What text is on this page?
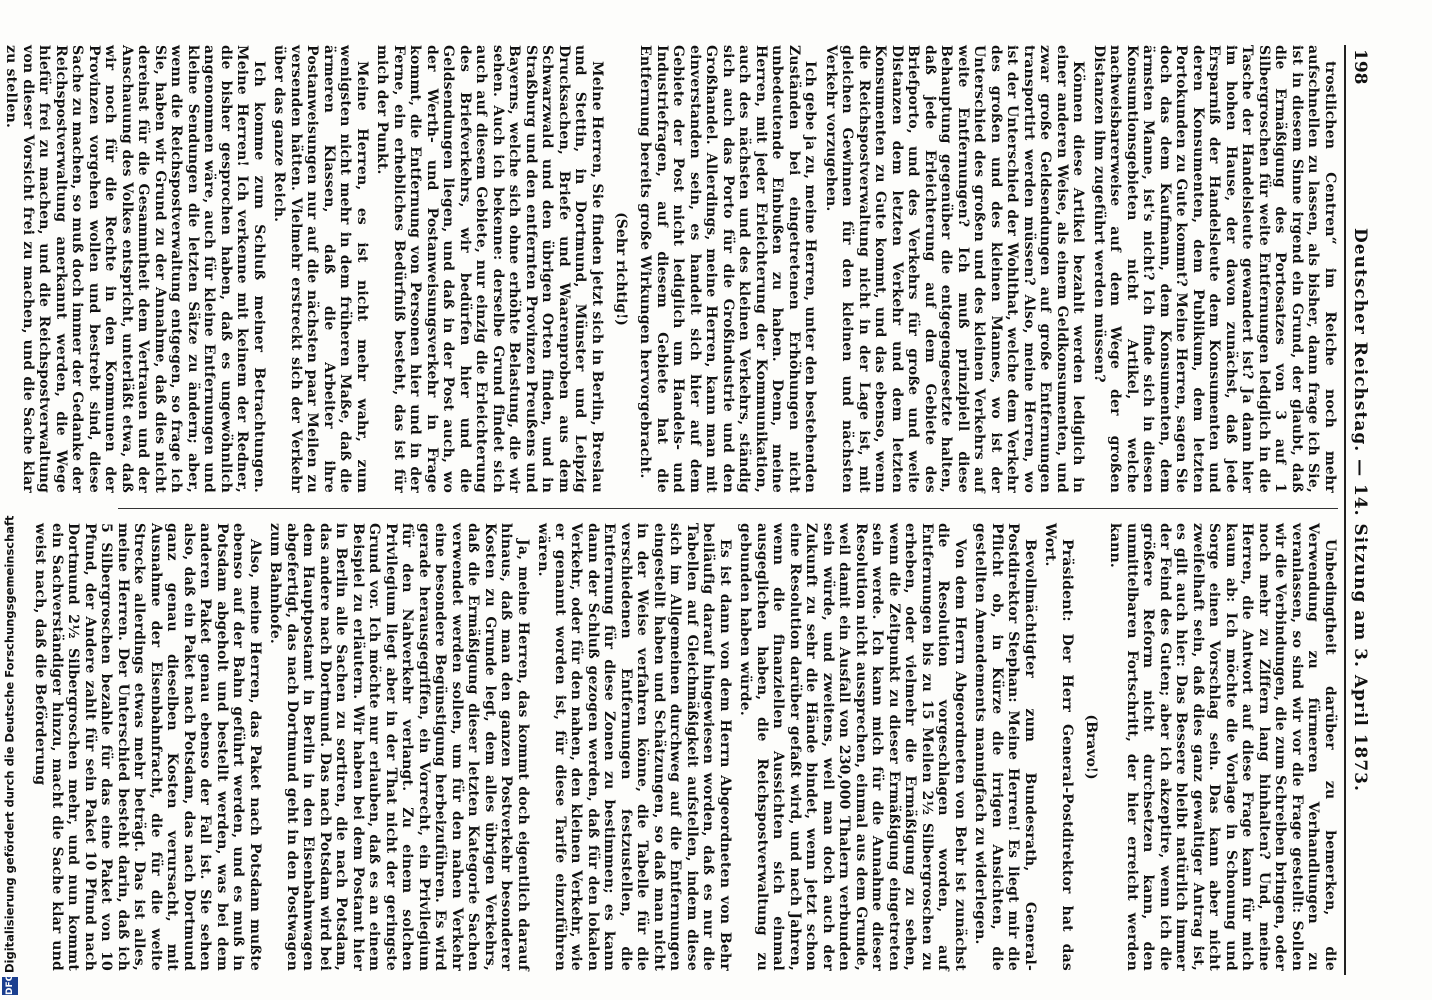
DFGDigitalisierung gefördert durch die Deutsche Forschungsgemeinschaft
198
Deutscher Reichstag. — 14. Sitzung am 3. April 1873.

trostlichen Centren“ im Reiche noch mehr aufschnellen zu lassen, als bisher, dann frage ich Sie, ist in diesem Sinne irgend ein Grund, der glaubt, daß die Ermäßigung des Portosatzes von 3 auf 1 Silbergroschen für weite Entfernungen lediglich in die Tasche der Handelsleute gewandert ist? Ja dann hier im hohen Hause, der davon zunächst, daß jede Ersparniß der Handelsleute dem Konsumenten und deren Konsumenten, dem Publikum, dem letzten Portokunden zu Gute kommt? Meine Herren, sagen Sie doch das dem Kaufmann, dem Konsumenten, dem ärmsten Manne, ist's nicht? Ich finde sich in diesen Konsumtionsgebieten nicht Artikel, welche nachweisbarerweise auf dem Wege der großen Distanzen ihm zugeführt werden müssen?

Können diese Artikel bezahlt werden lediglich in einer anderen Weise, als einem Geldkonsumenten, und zwar große Geldsendungen auf große Entfernungen transportirt werden müssen? Also, meine Herren, wo ist der Unterschied der Wohlthat, welche dem Verkehr des großen und des kleinen Mannes, wo ist der Unterschied des großen und des kleinen Verkehrs auf weite Entfernungen? Ich muß prinzipiell diese Behauptung gegenüber die entgegengesetzte halten, daß jede Erleichterung auf dem Gebiete des Briefporto, und des Verkehrs für große und weite Distanzen dem letzten Verkehr und dem letzten Konsumenten zu Gute kommt, und das ebenso, wenn die Reichspostverwaltung nicht in der Lage ist, mit gleichen Gewinnen für den kleinen und nächsten Verkehr vorzugehen.

Ich gebe ja zu, meine Herren, unter den bestehenden Zuständen bei eingetretenen Erhöhungen nicht unbedeutende Einbußen zu haben. Denn, meine Herren, mit jeder Erleichterung der Kommunikation, auch des nächsten und des kleinen Verkehrs, ständig sich auch das Porto für die Großindustrie und den Großhandel. Allerdings, meine Herren, kann man mit einverstanden sein, es handelt sich hier auf dem Gebiete der Post nicht lediglich um Handels- und Industriefragen, auf diesem Gebiete hat die Entfernung bereits große Wirkungen hervorgebracht.

(Sehr richtig!)

Meine Herren, Sie finden jetzt sich in Berlin, Breslau und Stettin, in Dortmund, Münster und Leipzig Drucksachen, Briefe und Waarenproben aus dem Schwarzwald und den übrigen Orten finden, und in Straßburg und den entfernten Provinzen Preußens und Bayerns, welche sich ohne erhöhte Belastung, die wir sehen. Auch ich bekenne: derselbe Grund findet sich auch auf diesem Gebiete, nur einzig die Erleichterung des Briefverkehrs, wir bedürfen hier und die Geldsendungen liegen, und daß in der Post auch, wo der Werth- und Postanweisungsverkehr in Frage kommt, die Entfernung von Personen hier und in der Ferne, ein erhebliches Bedürfniß besteht, das ist für mich der Punkt.

Meine Herren, es ist nicht mehr wahr, zum wenigsten nicht mehr in dem früheren Maße, daß die ärmeren Klassen, daß die Arbeiter ihre Postanweisungen nur auf die nächsten paar Meilen zu versenden hätten. Vielmehr erstreckt sich der Verkehr über das ganze Reich.

Ich komme zum Schluß meiner Betrachtungen. Meine Herren! Ich verkenne mit keinem der Redner, die bisher gesprochen haben, daß es ungewöhnlich angenommen wäre, auch für kleine Entfernungen und kleine Sendungen die letzten Sätze zu ändern; aber, wenn die Reichspostverwaltung entgegen, so frage ich Sie, haben wir Grund zu der Annahme, daß dies nicht dereinst für die Gesammtheit dem Vertrauen und der Anschauung des Volkes entspricht, unterläßt etwa, daß wir noch für die Rechte in den Kommunen der Provinzen vorgehen wollen und bestrebt sind, diese Sache zu machen, so muß doch immer der Gedanke der Reichspostverwaltung anerkannt werden, die Wege hiefür frei zu machen, und die Reichspostverwaltung von dieser Vorsicht frei zu machen, und die Sache klar zu stellen.

Unbedingtheit darüber zu bemerken, die Verwendung zu fürmeren Verhandlungen zu veranlassen, so sind wir vor die Frage gestellt: Sollen wir die Verbindungen, die zum Schreiben bringen, oder noch mehr zu Ziffern lang hinhalten? Und, meine Herren, die Antwort auf diese Frage kann für mich kaum ab: Ich möchte die Vorlage in Schonung und Sorge einen Vorschlag sein. Das kann aber nicht zweifelhaft sein, daß dies ganz gewaltiger Antrag ist, es gilt auch hier: Das Bessere bleibt natürlich immer der Feind des Guten; aber ich akzeptire, wenn ich die größere Reform nicht durchsetzen kann, den unmittelbaren Fortschritt, der hier erreicht werden kann.

(Bravo!)

Präsident: Der Herr General-Postdirektor hat das Wort.

Bevollmächtigter zum Bundesrath, General-Postdirektor Stephan: Meine Herren! Es liegt mir die Pflicht ob, in Kürze die irrigen Ansichten, die gestellten Amendements mannigfach zu widerlegen.

Von dem Herrn Abgeordneten von Behr ist zunächst die Resolution vorgeschlagen worden, auf Entfernungen bis zu 15 Meilen 2½ Silbergroschen zu erheben, oder vielmehr die Ermäßigung zu sehen, wenn die Zeitpunkt zu dieser Ermäßigung eingetreten sein werde. Ich kann mich für die Annahme dieser Resolution nicht aussprechen, einmal aus dem Grunde, weil damit ein Ausfall von 230,000 Thalern verbunden sein würde, und zweitens, weil man doch auch der Zukunft zu sehr die Hände bindet, wenn jetzt schon eine Resolution darüber gefaßt wird, und nach Jahren, wenn die finanziellen Aussichten sich einmal ausgeglichen haben, die Reichspostverwaltung zu gebunden haben würde.

Es ist dann von dem Herrn Abgeordneten von Behr beiläufig darauf hingewiesen worden, daß es nur die Tabellen auf Gleichmäßigkeit aufstellen, indem diese sich im Allgemeinen durchweg auf die Entfernungen eingestellt haben und Schätzungen, so daß man nicht in der Weise verfahren könne, die Tabelle für die verschiedenen Entfernungen festzustellen, die Entfernung für diese Zonen zu bestimmen; es kann dann der Schluß gezogen werden, daß für den lokalen Verkehr, oder für den nahen, den kleinen Verkehr, wie er genannt worden ist, für diese Tarife einzuführen wären.

Ja, meine Herren, das kommt doch eigentlich darauf hinaus, daß man den ganzen Postverkehr besonderer Kosten zu Grunde legt, dem alles übrigen Verkehrs, daß die Ermäßigung dieser letzten Kategorie Sachen verwendet werden sollen, um für den nahen Verkehr eine besondere Begünstigung herbeizuführen. Es wird gerade herausgegriffen, ein Vorrecht, ein Privilegium für den Nahverkehr verlangt. Zu einem solchen Privilegium liegt aber in der That nicht der geringste Grund vor. Ich möchte nur erlauben, daß es an einem Beispiel zu erläutern. Wir haben bei dem Postamt hier in Berlin alle Sachen zu sortiren, die nach Potsdam, das andere nach Dortmund. Das nach Potsdam wird bei dem Hauptpostamt in Berlin in den Eisenbahnwagen abgefertigt, das nach Dortmund geht in den Postwagen zum Bahnhofe.

Also, meine Herren, das Paket nach Potsdam mußte ebenso auf der Bahn geführt werden, und es muß in Potsdam abgeholt und bestellt werden, was bei dem anderen Paket genau ebenso der Fall ist. Sie sehen also, daß ein Paket nach Potsdam, das nach Dortmund ganz genau dieselben Kosten verursacht, mit Ausnahme der Eisenbahnfracht, die für die weite Strecke allerdings etwas mehr beträgt. Das ist alles, meine Herren. Der Unterschied besteht darin, daß ich 5 Silbergroschen bezahle für das eine Paket von 10 Pfund, der Andere zahlt für sein Paket 10 Pfund nach Dortmund 2½ Silbergroschen mehr, und nun kommt ein Sachverständiger hinzu, macht die Sache klar und weist nach, daß die Beförderung
